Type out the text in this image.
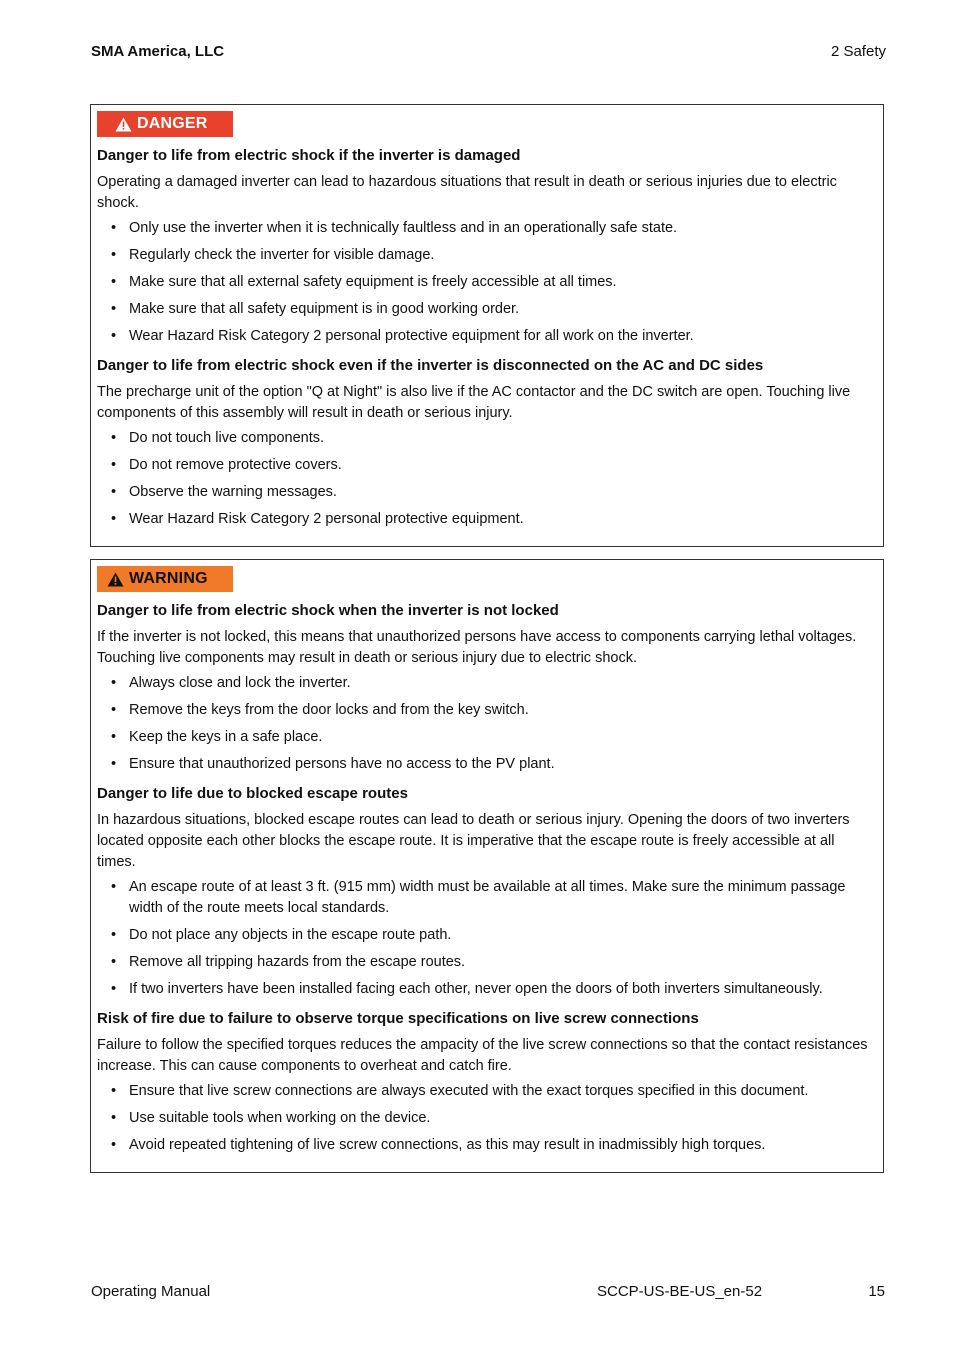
SMA America, LLC	2 Safety
DANGER
Danger to life from electric shock if the inverter is damaged

Operating a damaged inverter can lead to hazardous situations that result in death or serious injuries due to electric shock.

• Only use the inverter when it is technically faultless and in an operationally safe state.
• Regularly check the inverter for visible damage.
• Make sure that all external safety equipment is freely accessible at all times.
• Make sure that all safety equipment is in good working order.
• Wear Hazard Risk Category 2 personal protective equipment for all work on the inverter.
Danger to life from electric shock even if the inverter is disconnected on the AC and DC sides

The precharge unit of the option "Q at Night" is also live if the AC contactor and the DC switch are open. Touching live components of this assembly will result in death or serious injury.

• Do not touch live components.
• Do not remove protective covers.
• Observe the warning messages.
• Wear Hazard Risk Category 2 personal protective equipment.
WARNING
Danger to life from electric shock when the inverter is not locked

If the inverter is not locked, this means that unauthorized persons have access to components carrying lethal voltages. Touching live components may result in death or serious injury due to electric shock.

• Always close and lock the inverter.
• Remove the keys from the door locks and from the key switch.
• Keep the keys in a safe place.
• Ensure that unauthorized persons have no access to the PV plant.
Danger to life due to blocked escape routes

In hazardous situations, blocked escape routes can lead to death or serious injury. Opening the doors of two inverters located opposite each other blocks the escape route. It is imperative that the escape route is freely accessible at all times.

• An escape route of at least 3 ft. (915 mm) width must be available at all times. Make sure the minimum passage width of the route meets local standards.
• Do not place any objects in the escape route path.
• Remove all tripping hazards from the escape routes.
• If two inverters have been installed facing each other, never open the doors of both inverters simultaneously.
Risk of fire due to failure to observe torque specifications on live screw connections

Failure to follow the specified torques reduces the ampacity of the live screw connections so that the contact resistances increase. This can cause components to overheat and catch fire.

• Ensure that live screw connections are always executed with the exact torques specified in this document.
• Use suitable tools when working on the device.
• Avoid repeated tightening of live screw connections, as this may result in inadmissibly high torques.
Operating Manual	SCCP-US-BE-US_en-52	15
